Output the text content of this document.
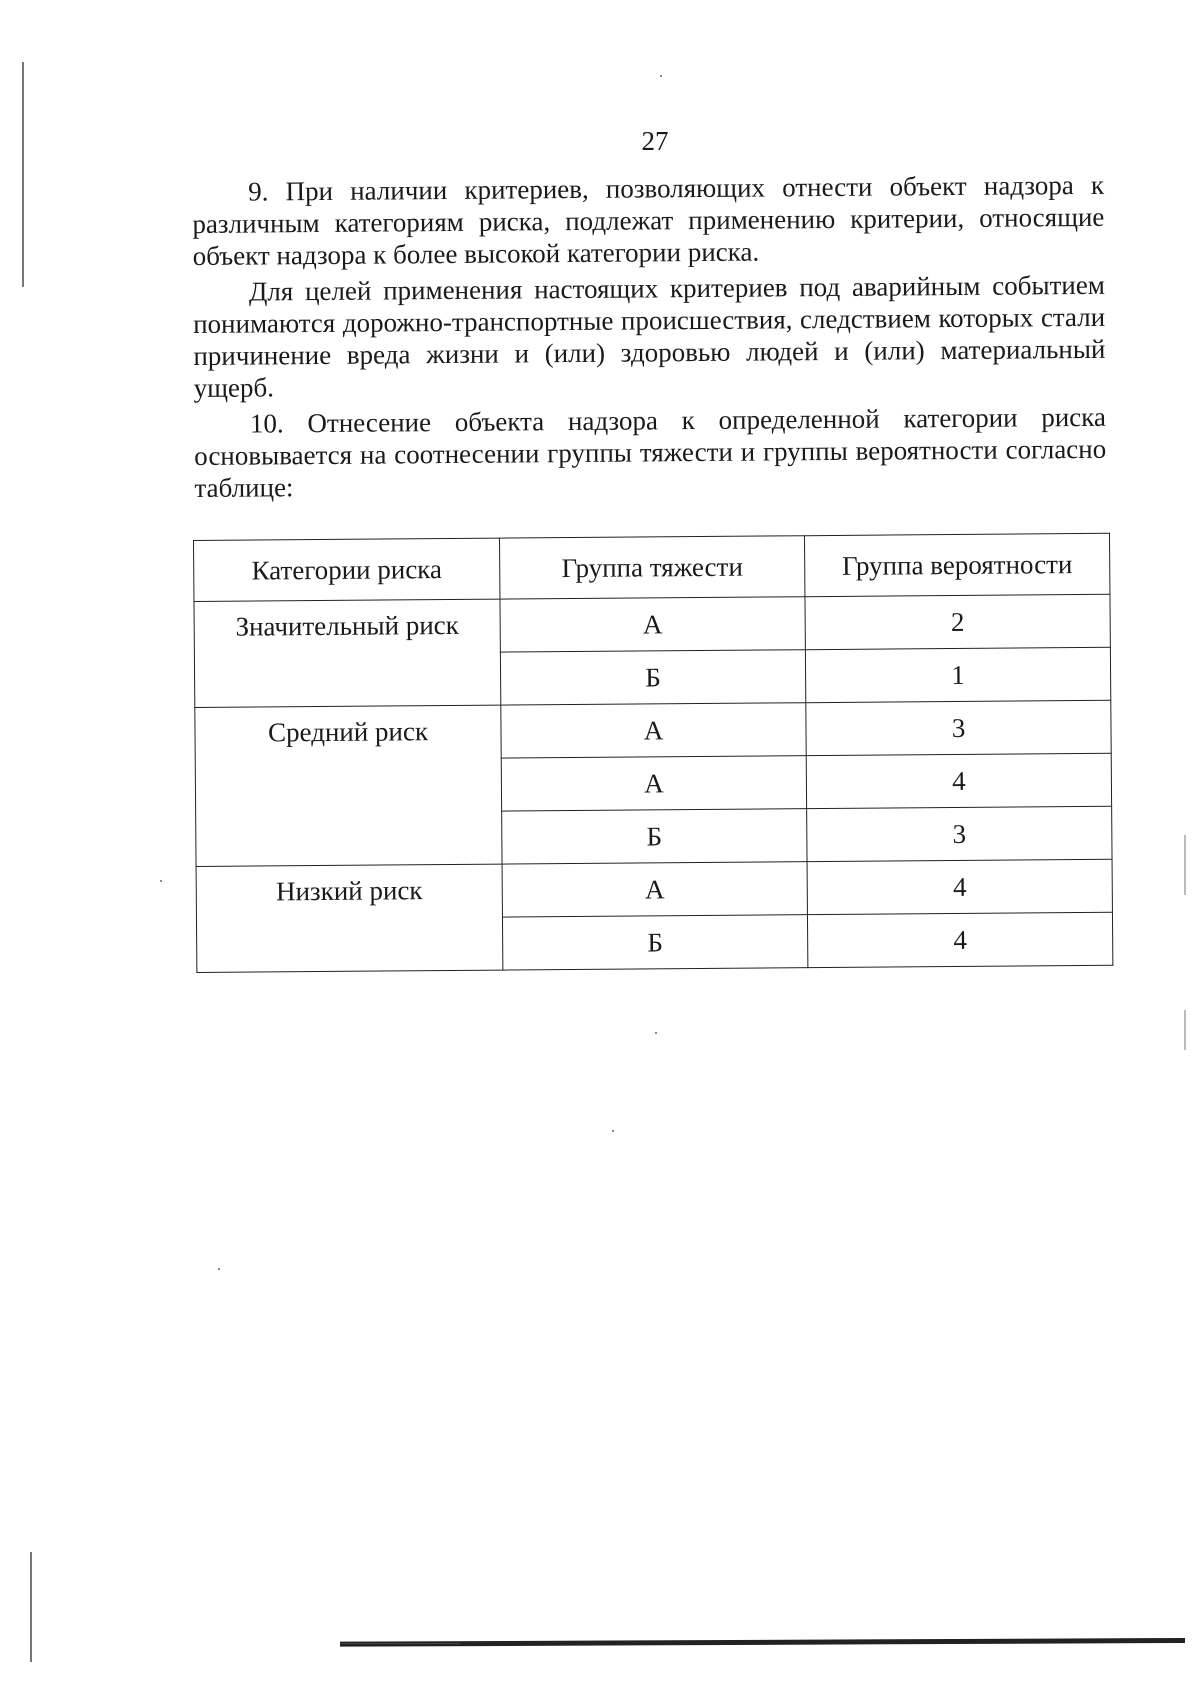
27

9. При наличии критериев, позволяющих отнести объект надзора к различным категориям риска, подлежат применению критерии, относящие объект надзора к более высокой категории риска.

Для целей применения настоящих критериев под аварийным событием понимаются дорожно-транспортные происшествия, следствием которых стали причинение вреда жизни и (или) здоровью людей и (или) материальный ущерб.

10. Отнесение объекта надзора к определенной категории риска основывается на соотнесении группы тяжести и группы вероятности согласно таблице:

Категории риска	Группа тяжести	Группа вероятности
Значительный риск	А	2
	Б	1
Средний риск	А	3
	А	4
	Б	3
Низкий риск	А	4
	Б	4
